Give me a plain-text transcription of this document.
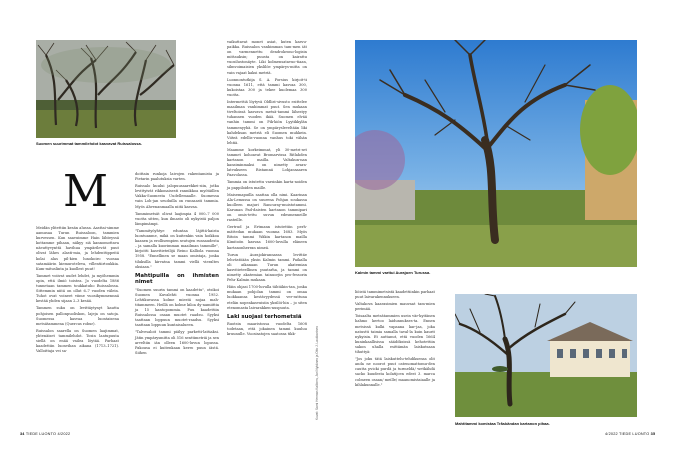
Suomen suurimmat tammilehdot kasvavat Ruissalossa.
M

Meidän ylitettiin kesän alussa. Aasttai-simme aamusaa Turun Ruissaloon, tammien kurvessen. Kun saavuimme Hain lähteyssä kottamme pihaan, näkyy siä kannomottava näeuttyvynttä havihua ympärilevät puut olivat lähes alasti-mia, ja lehdenttippeitä kolai alas pil-kien lunokoiro vuosaa satamäärin kiemuroteleva, villentiirtoukkia. Kum-mituslinta ja kuollest puut!

Tammet voiivat uudet lehdet, ja myöhemmin opin, että ilmiö toistea. Jo vuodelta 1886 tunnetaan tammen toukkatuho Ruissalossa. Sittemmin niitä on ollut 6–7 vuoden välein. Tuhot ovat voineet viime vuosikymmennnä kestää yhden sijaan 2–3 kesää.

Tammen suku on levittäytynyt kautta pohjoisen pallonpuoliskon, lajeja on satoja. Suomessa kasvaa luontaisena metsätammena (Quercus robur).

Ruissalon saarella on Suomen laajimmat, yhtenäiset tammilehdot. Tosin laatupuuta siellä on enää vailea löytää. Parhaat kaadettiin luonvihan aikana (1713–1721). Valloittaja vei sa-

doittain runkoja laivojen rakentamista ja Pietarin paalutuksia varten.

Ruissalo kuului jalopuusaarekkei-siin, jotka levittyivät rikkonaisesti rannikkoa myötäillen Vakka-Suomesta Uudellemaalle. Suomessa vain Loh-jan seuduilla on runsaasti tammia. Myös Ahvenanmaalla niitä kasvaa.

Tammimetsät olivat laajimpia 4 000–7 000 vuotta sitten, kun ilmasto oli nykyistä paljon lämpimämpi.

"Tammityöyhtye eduntaa läjittä-kaista luontuanme, mikä on kuitenkin vain hoikkoa kaanen ja erollisempien seutujen runsaudesta – ja samalla kuorimman maailman tammille", kirjoitti kasvitieteilijä Reino Kalliola vuonna 1958. "Ennellinen se maan omistaja, jonka tiluksilla kirvatna tammi viellä vieraltes oksiaan."

Mahtipuilla on ihmisten nimet

"Suomen suurin tammi on kaadettu", otsikoi Suomen Kuvalehti vuonna 1952. Lehtikuvassa kolme miestä nojaa mah-titammeen. Heillä on kolme kiloa dy-namiittia ja 15 kantopommia. Puu kaadettiin Ruissalossa osaan muotet raadsu. Syyksi taattaan loppuun muotet-raadsu. Syyksi taattaan loppuun kuntaisalueen.

"Talvesaloit tammi piälyy parketti-lattiaksi. Jätin ympärysmitta oli 516 senttimetriä ja sen arveltiin iän olleen 1600-luvun lopussa. Pakousa ei kuitenkaan kerro puun iästä. Siihen

34 TIEDE LUONTO 4/2022

vaikuttavat monet asiat, kuten kasvu-paikka. Ruissalon vanhimman tam-men iät on varmennettu dendrokrono-logisin mittauksin; puusta on kairattu vuosilustonäyte. Liki kolmensatavuo-tiaan, silmvoimaisien ykslilöe ympärys-mitta on vain vajaat kaksi metriä.

Luonnontutkija S. A. Forsius kirjoit-ti vuonna 1611, että tammi kasvaa 300, kukoistaa 300 ja tekee kuolemaa 300 vuotta.

Intermettiä löytyvä Oldlist-sivusto esittelee maailman vanhimmat puut. Sen mukaan tiveltoissä kasvava metsä-tammi lähestyy tuhannen vuoden ikää. Suomen elvää vanhin tammi on Pik-kiön Lyytikkylän tammenyyhä. Se on ympärysleveltään liki kahdeksan metriä eli Suomen muhkein. Viiteä edellis-vuonna vanhus toki vähän lehtiä.

Maamme korkeimmat, yli 30-metri-set tammet kohoavat Bromarvissa Ritlahden kartanon mailla. Valtakun-nan kansiminmaksi on nimetty avara-latvukseen Ristamnä Lohjansaaren Paavolassa.

Tammia on istutettu varsinkin karta-noiden ja pappiloiden maille.

Maisemapuilla saattaa olla nimi. Kaarinan Ala-Lemussa on suurena Pohjan soukassa kuolleen majuri Rancuray-muistotammi. Karunan Pad-daisten kartanon tammipari on omis-tettu suvun edesmenneille rasteille.

Gertrud ja Ertmann istutettiin perh-mättedan mukaan vuonna 1683. Myös Bitoin tammi Wäkin kartanon mailla Kimitoön kasvaa 1600-luvulla eläneen kartanonherran nimeä.

Turun Aurajokirannassa levittäe lehvästöään yksin Kalmin tammi. Paikalla oli aikanaan Turun akatemian kasvitieteellinen puutarha, ja tammi on nimetty akatemian tainuorjin pro-fessorin Pehr Kalmin mukaan.

Häin ohjasi 1700-luvulla tähtäkin-tan, jonka mukaan pohjolan tammi on omaa luokkaansa kestävyydessä ver-rattuna etelän nopeakasvuisiin yksilöi-hin – jo siten etenomasta laivarakken-nuspuuta.

Laki suojasi terhometsiä

Ruotsin maaristossa vuodelta 1608 todetaan, että jokainen tammi kuuluu kruunulle. Vuosisatojen saatossa tikk-	Kuvat: Sami Herman Kallinen, Jari Nykänen ja Otto J. Laukkarinen
Kalmin tammi varttui Aurajoen Turussa.

liöistä tammimetsistä kaadettiinkin parhaat puut laivarakennukseen.

Valtakova kaarasimien mauvaat tam-mien perimää.

Toisaalta metsätammien usein vär-kyitänen hahmo kertoo laidunnukses-ta. Ennen metsissä kulki vapaana kar-jaa, joka natustti taimia samalla taval-la kuin kaurit nykyisin. Et auttanut, että vuoden 1664 kuninkaallisissa säädöksissä kehotettiin sakon uhalla esittämän laiskutsaan tihuttyä:

"Jos joku tätä laiskuttelu-tehdiksensa olit anda ne noorot puut catenomattomu-den cautta pvicki purdä ja turmeldä/ wetkähdä sacko kuudesta kolatijcen edest 3. marca colmeen osaan/ meille/ maanomistaiaalle ja kihlakunnalle."

Mahtitammi komistaa Tråskändan kartanon pihaa.
4/2022 TIEDE LUONTO 35
